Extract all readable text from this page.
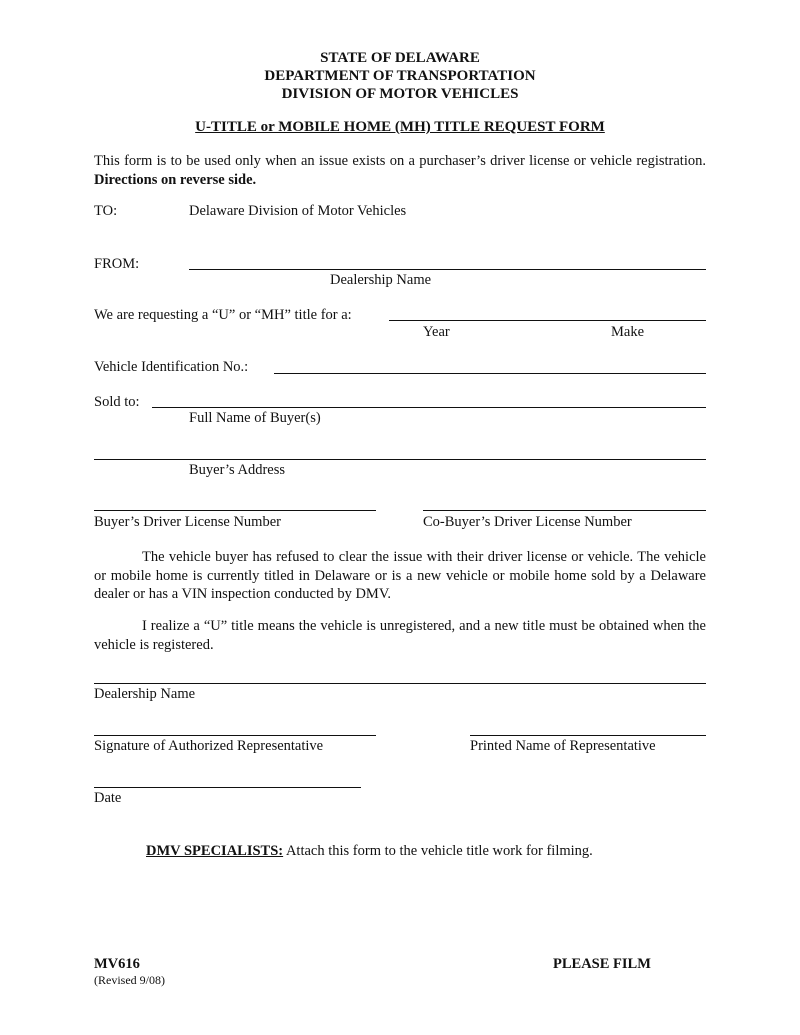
STATE OF DELAWARE
DEPARTMENT OF TRANSPORTATION
DIVISION OF MOTOR VEHICLES
U-TITLE or MOBILE HOME (MH) TITLE REQUEST FORM
This form is to be used only when an issue exists on a purchaser’s driver license or vehicle registration. Directions on reverse side.
TO:	Delaware Division of Motor Vehicles
FROM:
Dealership Name
We are requesting a “U” or “MH” title for a:
Year	Make
Vehicle Identification No.:
Sold to:
Full Name of Buyer(s)
Buyer’s Address
Buyer’s Driver License Number	Co-Buyer’s Driver License Number
The vehicle buyer has refused to clear the issue with their driver license or vehicle. The vehicle or mobile home is currently titled in Delaware or is a new vehicle or mobile home sold by a Delaware dealer or has a VIN inspection conducted by DMV.
I realize a “U” title means the vehicle is unregistered, and a new title must be obtained when the vehicle is registered.
Dealership Name
Signature of Authorized Representative	Printed Name of Representative
Date
DMV SPECIALISTS: Attach this form to the vehicle title work for filming.
MV616
(Revised 9/08)
PLEASE FILM
